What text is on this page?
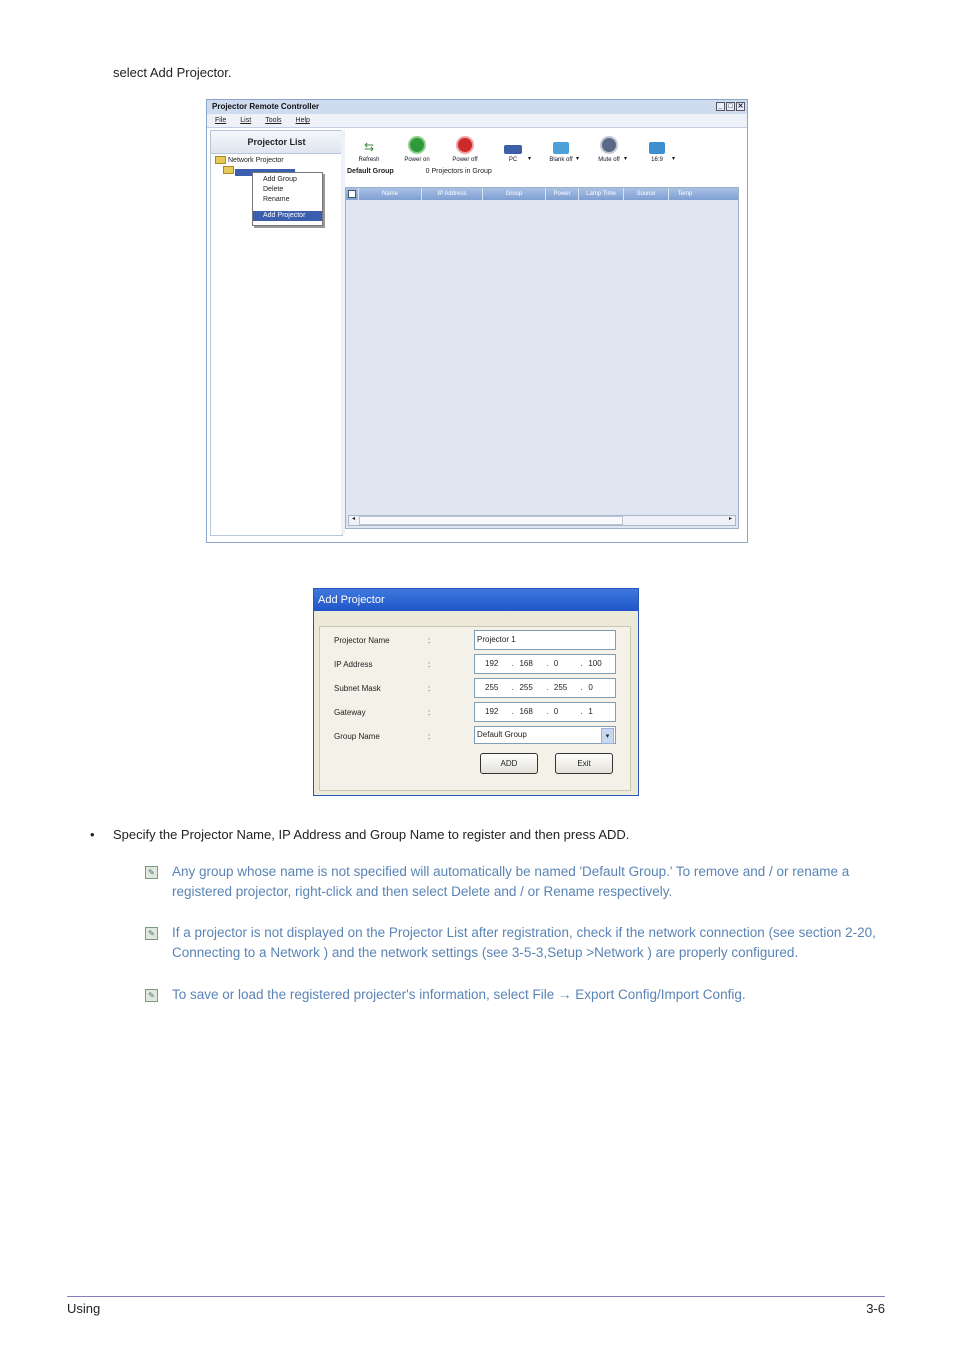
select Add Projector.
Projector Remote Controller	_ □ ✕
File List Tools Help
Projector List
Network Projector
Add Group
Delete
Rename
Add Projector
⇆
Refresh	Power on	Power off	PC ▾	Blank off ▾	Mute off ▾	16:9 ▾
Default Group	0 Projectors in Group
Name	IP Address	Group	Power	Lamp Time	Source	Temp
◂	▸
Add Projector
Projector Name	:	Projector 1
IP Address	:	192	. 168	. 0	. 100
Subnet Mask	:	255	. 255	. 255	. 0
Gateway	:	192	. 168	. 0	. 1
Group Name	:	Default Group	▾
ADD	Exit
• Specify the Projector Name, IP Address and Group Name to register and then press ADD.
✎ Any group whose name is not specified will automatically be named 'Default Group.' To remove and / or rename a registered projector, right-click and then select Delete and / or Rename respectively.
✎ If a projector is not displayed on the Projector List after registration, check if the network connection (see section 2-20, Connecting to a Network ) and the network settings (see 3-5-3,Setup >Network ) are properly configured.
✎ To save or load the registered projecter's information, select File → Export Config/Import Config.
Using	3-6
